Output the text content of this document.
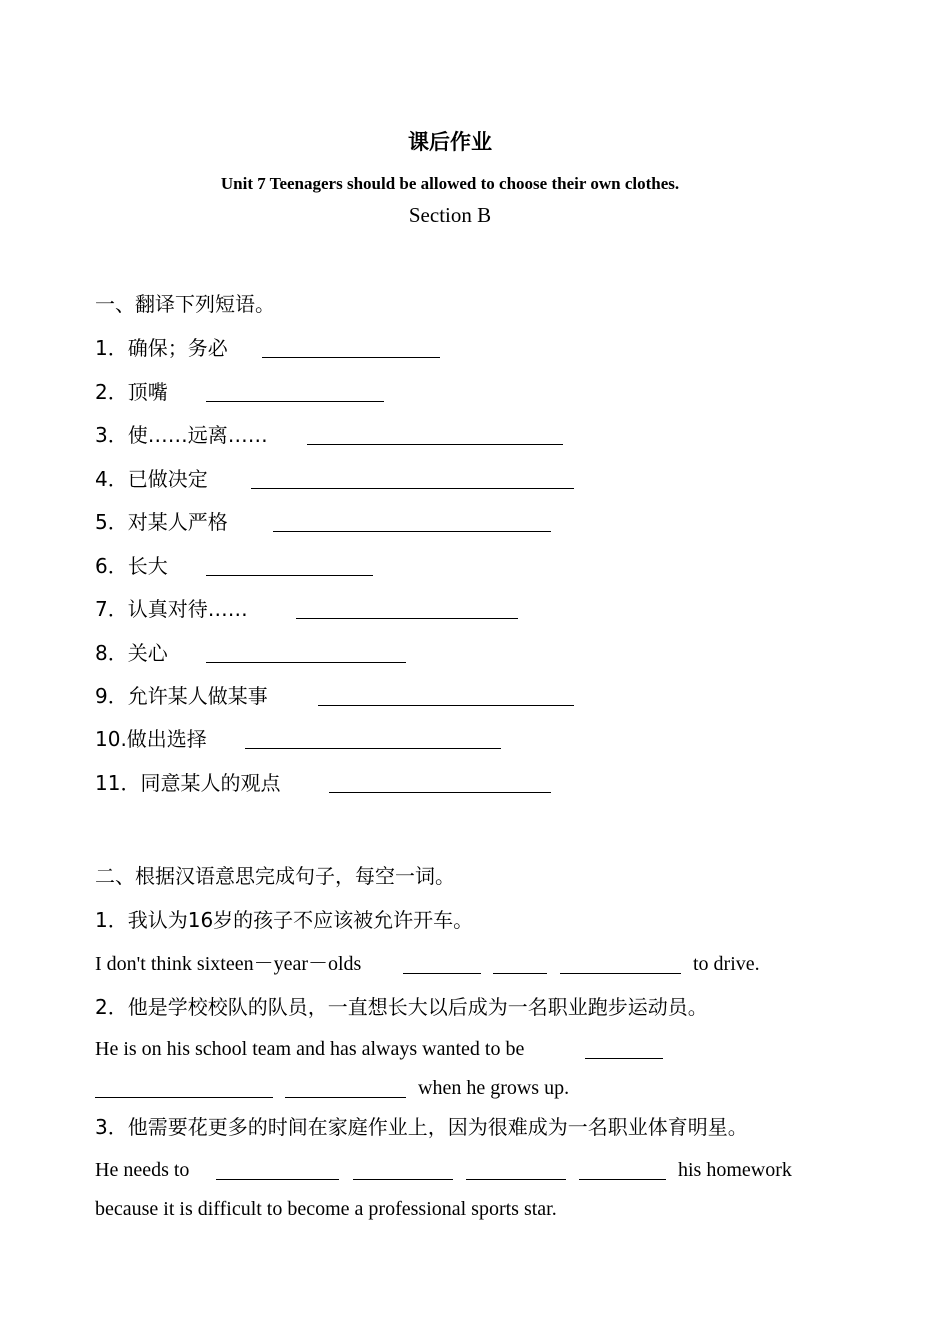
课后作业
Unit 7 Teenagers should be allowed to choose their own clothes.
Section B
一、翻译下列短语。
1．确保；务必
2．顶嘴
3．使……远离……
4．已做决定
5．对某人严格
6．长大
7．认真对待……
8．关心
9．允许某人做某事
10.做出选择
11．同意某人的观点
二、根据汉语意思完成句子，每空一词。
1．我认为16岁的孩子不应该被允许开车。
I don't think sixteen－year－olds	to drive.
2．他是学校校队的队员，一直想长大以后成为一名职业跑步运动员。
He is on his school team and has always wanted to be
when he grows up.
3．他需要花更多的时间在家庭作业上，因为很难成为一名职业体育明星。
He needs to	his homework
because it is difficult to become a professional sports star.
